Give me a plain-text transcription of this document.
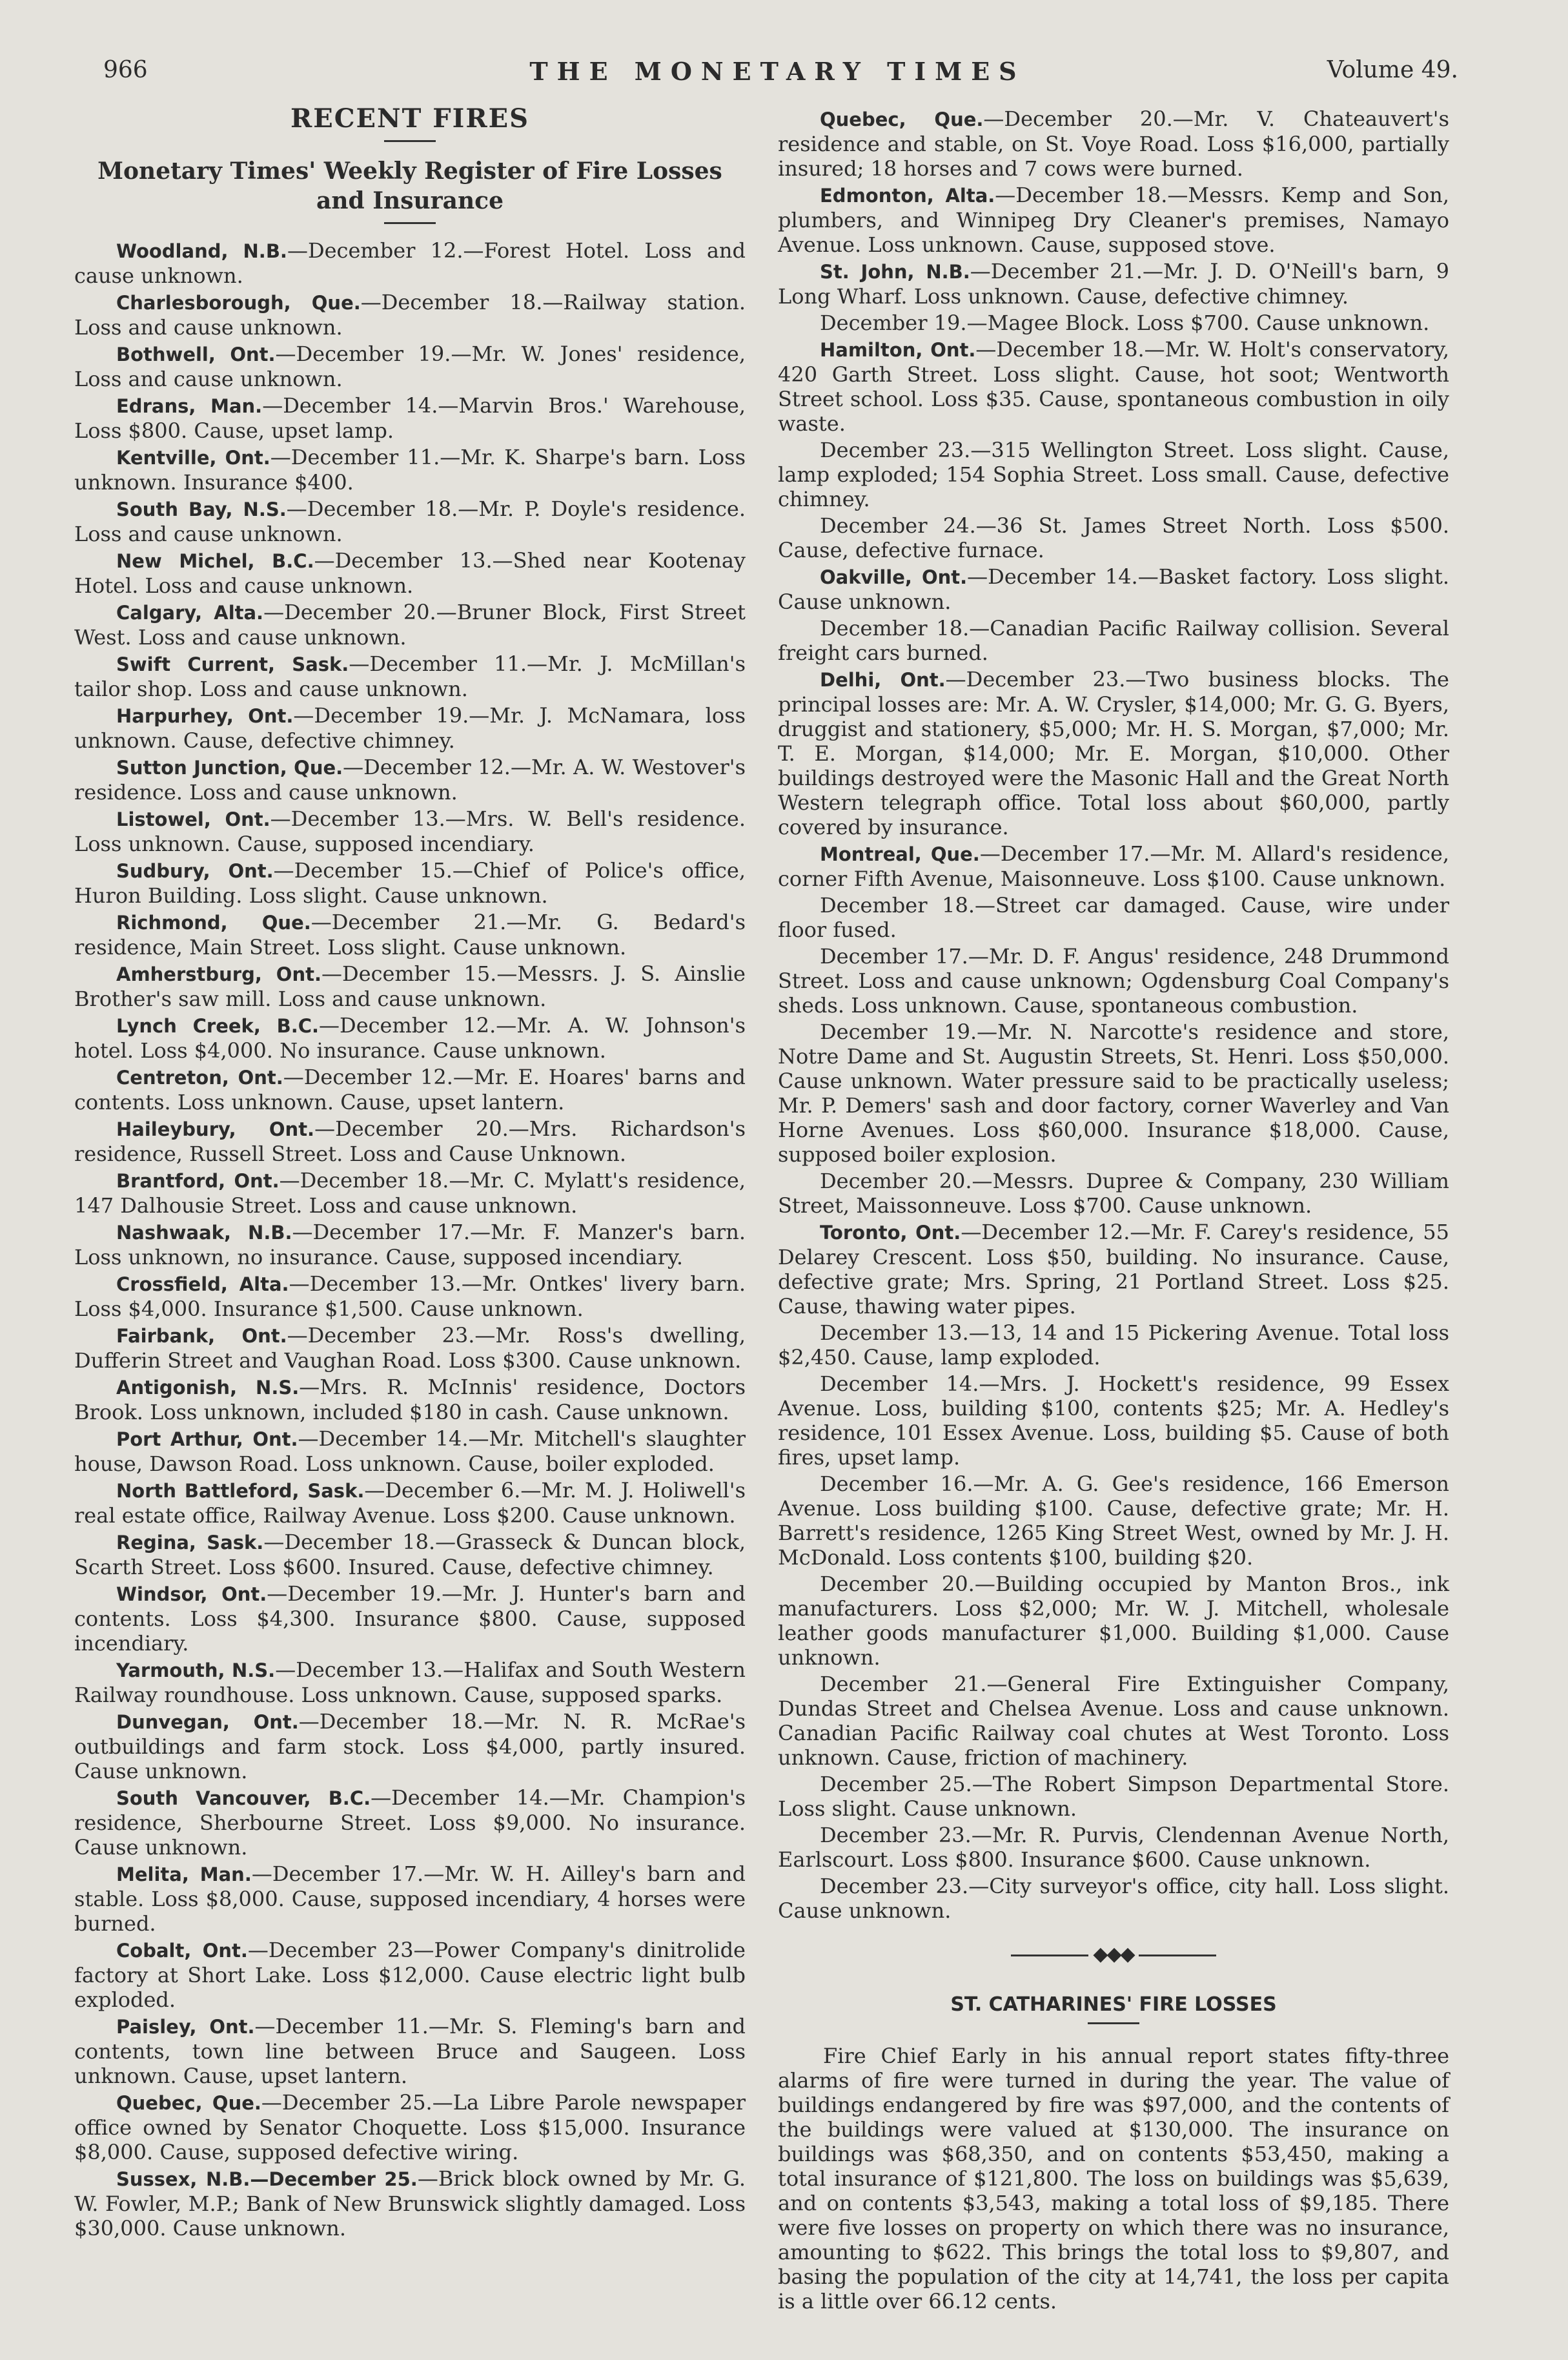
966	THE MONETARY TIMES	Volume 49.
RECENT FIRES
Monetary Times' Weekly Register of Fire Losses
and Insurance
Woodland, N.B.—December 12.—Forest Hotel. Loss and cause unknown.
Charlesborough, Que.—December 18.—Railway station. Loss and cause unknown.
Bothwell, Ont.—December 19.—Mr. W. Jones' residence, Loss and cause unknown.
Edrans, Man.—December 14.—Marvin Bros.' Warehouse, Loss $800. Cause, upset lamp.
Kentville, Ont.—December 11.—Mr. K. Sharpe's barn. Loss unknown. Insurance $400.
South Bay, N.S.—December 18.—Mr. P. Doyle's residence. Loss and cause unknown.
New Michel, B.C.—December 13.—Shed near Kootenay Hotel. Loss and cause unknown.
Calgary, Alta.—December 20.—Bruner Block, First Street West. Loss and cause unknown.
Swift Current, Sask.—December 11.—Mr. J. McMillan's tailor shop. Loss and cause unknown.
Harpurhey, Ont.—December 19.—Mr. J. McNamara, loss unknown. Cause, defective chimney.
Sutton Junction, Que.—December 12.—Mr. A. W. Westover's residence. Loss and cause unknown.
Listowel, Ont.—December 13.—Mrs. W. Bell's residence. Loss unknown. Cause, supposed incendiary.
Sudbury, Ont.—December 15.—Chief of Police's office, Huron Building. Loss slight. Cause unknown.
Richmond, Que.—December 21.—Mr. G. Bedard's residence, Main Street. Loss slight. Cause unknown.
Amherstburg, Ont.—December 15.—Messrs. J. S. Ainslie Brother's saw mill. Loss and cause unknown.
Lynch Creek, B.C.—December 12.—Mr. A. W. Johnson's hotel. Loss $4,000. No insurance. Cause unknown.
Centreton, Ont.—December 12.—Mr. E. Hoares' barns and contents. Loss unknown. Cause, upset lantern.
Haileybury, Ont.—December 20.—Mrs. Richardson's residence, Russell Street. Loss and Cause Unknown.
Brantford, Ont.—December 18.—Mr. C. Mylatt's residence, 147 Dalhousie Street. Loss and cause unknown.
Nashwaak, N.B.—December 17.—Mr. F. Manzer's barn. Loss unknown, no insurance. Cause, supposed incendiary.
Crossfield, Alta.—December 13.—Mr. Ontkes' livery barn. Loss $4,000. Insurance $1,500. Cause unknown.
Fairbank, Ont.—December 23.—Mr. Ross's dwelling, Dufferin Street and Vaughan Road. Loss $300. Cause unknown.
Antigonish, N.S.—Mrs. R. McInnis' residence, Doctors Brook. Loss unknown, included $180 in cash. Cause unknown.
Port Arthur, Ont.—December 14.—Mr. Mitchell's slaughter house, Dawson Road. Loss unknown. Cause, boiler exploded.
North Battleford, Sask.—December 6.—Mr. M. J. Holiwell's real estate office, Railway Avenue. Loss $200. Cause unknown.
Regina, Sask.—December 18.—Grasseck & Duncan block, Scarth Street. Loss $600. Insured. Cause, defective chimney.
Windsor, Ont.—December 19.—Mr. J. Hunter's barn and contents. Loss $4,300. Insurance $800. Cause, supposed incendiary.
Yarmouth, N.S.—December 13.—Halifax and South Western Railway roundhouse. Loss unknown. Cause, supposed sparks.
Dunvegan, Ont.—December 18.—Mr. N. R. McRae's outbuildings and farm stock. Loss $4,000, partly insured. Cause unknown.
South Vancouver, B.C.—December 14.—Mr. Champion's residence, Sherbourne Street. Loss $9,000. No insurance. Cause unknown.
Melita, Man.—December 17.—Mr. W. H. Ailley's barn and stable. Loss $8,000. Cause, supposed incendiary, 4 horses were burned.
Cobalt, Ont.—December 23—Power Company's dinitrolide factory at Short Lake. Loss $12,000. Cause electric light bulb exploded.
Paisley, Ont.—December 11.—Mr. S. Fleming's barn and contents, town line between Bruce and Saugeen. Loss unknown. Cause, upset lantern.
Quebec, Que.—December 25.—La Libre Parole newspaper office owned by Senator Choquette. Loss $15,000. Insurance $8,000. Cause, supposed defective wiring.
Sussex, N.B.—December 25.—Brick block owned by Mr. G. W. Fowler, M.P.; Bank of New Brunswick slightly damaged. Loss $30,000. Cause unknown.
Quebec, Que.—December 20.—Mr. V. Chateauvert's residence and stable, on St. Voye Road. Loss $16,000, partially insured; 18 horses and 7 cows were burned.
Edmonton, Alta.—December 18.—Messrs. Kemp and Son, plumbers, and Winnipeg Dry Cleaner's premises, Namayo Avenue. Loss unknown. Cause, supposed stove.
St. John, N.B.—December 21.—Mr. J. D. O'Neill's barn, 9 Long Wharf. Loss unknown. Cause, defective chimney.
December 19.—Magee Block. Loss $700. Cause unknown.
Hamilton, Ont.—December 18.—Mr. W. Holt's conservatory, 420 Garth Street. Loss slight. Cause, hot soot; Wentworth Street school. Loss $35. Cause, spontaneous combustion in oily waste.
December 23.—315 Wellington Street. Loss slight. Cause, lamp exploded; 154 Sophia Street. Loss small. Cause, defective chimney.
December 24.—36 St. James Street North. Loss $500. Cause, defective furnace.
Oakville, Ont.—December 14.—Basket factory. Loss slight. Cause unknown.
December 18.—Canadian Pacific Railway collision. Several freight cars burned.
Delhi, Ont.—December 23.—Two business blocks. The principal losses are: Mr. A. W. Crysler, $14,000; Mr. G. G. Byers, druggist and stationery, $5,000; Mr. H. S. Morgan, $7,000; Mr. T. E. Morgan, $14,000; Mr. E. Morgan, $10,000. Other buildings destroyed were the Masonic Hall and the Great North Western telegraph office. Total loss about $60,000, partly covered by insurance.
Montreal, Que.—December 17.—Mr. M. Allard's residence, corner Fifth Avenue, Maisonneuve. Loss $100. Cause unknown.
December 18.—Street car damaged. Cause, wire under floor fused.
December 17.—Mr. D. F. Angus' residence, 248 Drummond Street. Loss and cause unknown; Ogdensburg Coal Company's sheds. Loss unknown. Cause, spontaneous combustion.
December 19.—Mr. N. Narcotte's residence and store, Notre Dame and St. Augustin Streets, St. Henri. Loss $50,000. Cause unknown. Water pressure said to be practically useless; Mr. P. Demers' sash and door factory, corner Waverley and Van Horne Avenues. Loss $60,000. Insurance $18,000. Cause, supposed boiler explosion.
December 20.—Messrs. Dupree & Company, 230 William Street, Maissonneuve. Loss $700. Cause unknown.
Toronto, Ont.—December 12.—Mr. F. Carey's residence, 55 Delarey Crescent. Loss $50, building. No insurance. Cause, defective grate; Mrs. Spring, 21 Portland Street. Loss $25. Cause, thawing water pipes.
December 13.—13, 14 and 15 Pickering Avenue. Total loss $2,450. Cause, lamp exploded.
December 14.—Mrs. J. Hockett's residence, 99 Essex Avenue. Loss, building $100, contents $25; Mr. A. Hedley's residence, 101 Essex Avenue. Loss, building $5. Cause of both fires, upset lamp.
December 16.—Mr. A. G. Gee's residence, 166 Emerson Avenue. Loss building $100. Cause, defective grate; Mr. H. Barrett's residence, 1265 King Street West, owned by Mr. J. H. McDonald. Loss contents $100, building $20.
December 20.—Building occupied by Manton Bros., ink manufacturers. Loss $2,000; Mr. W. J. Mitchell, wholesale leather goods manufacturer $1,000. Building $1,000. Cause unknown.
December 21.—General Fire Extinguisher Company, Dundas Street and Chelsea Avenue. Loss and cause unknown. Canadian Pacific Railway coal chutes at West Toronto. Loss unknown. Cause, friction of machinery.
December 25.—The Robert Simpson Departmental Store. Loss slight. Cause unknown.
December 23.—Mr. R. Purvis, Clendennan Avenue North, Earlscourt. Loss $800. Insurance $600. Cause unknown.
December 23.—City surveyor's office, city hall. Loss slight. Cause unknown.
◆◆◆
ST. CATHARINES' FIRE LOSSES
Fire Chief Early in his annual report states fifty-three alarms of fire were turned in during the year. The value of buildings endangered by fire was $97,000, and the contents of the buildings were valued at $130,000. The insurance on buildings was $68,350, and on contents $53,450, making a total insurance of $121,800. The loss on buildings was $5,639, and on contents $3,543, making a total loss of $9,185. There were five losses on property on which there was no insurance, amounting to $622. This brings the total loss to $9,807, and basing the population of the city at 14,741, the loss per capita is a little over 66.12 cents.
